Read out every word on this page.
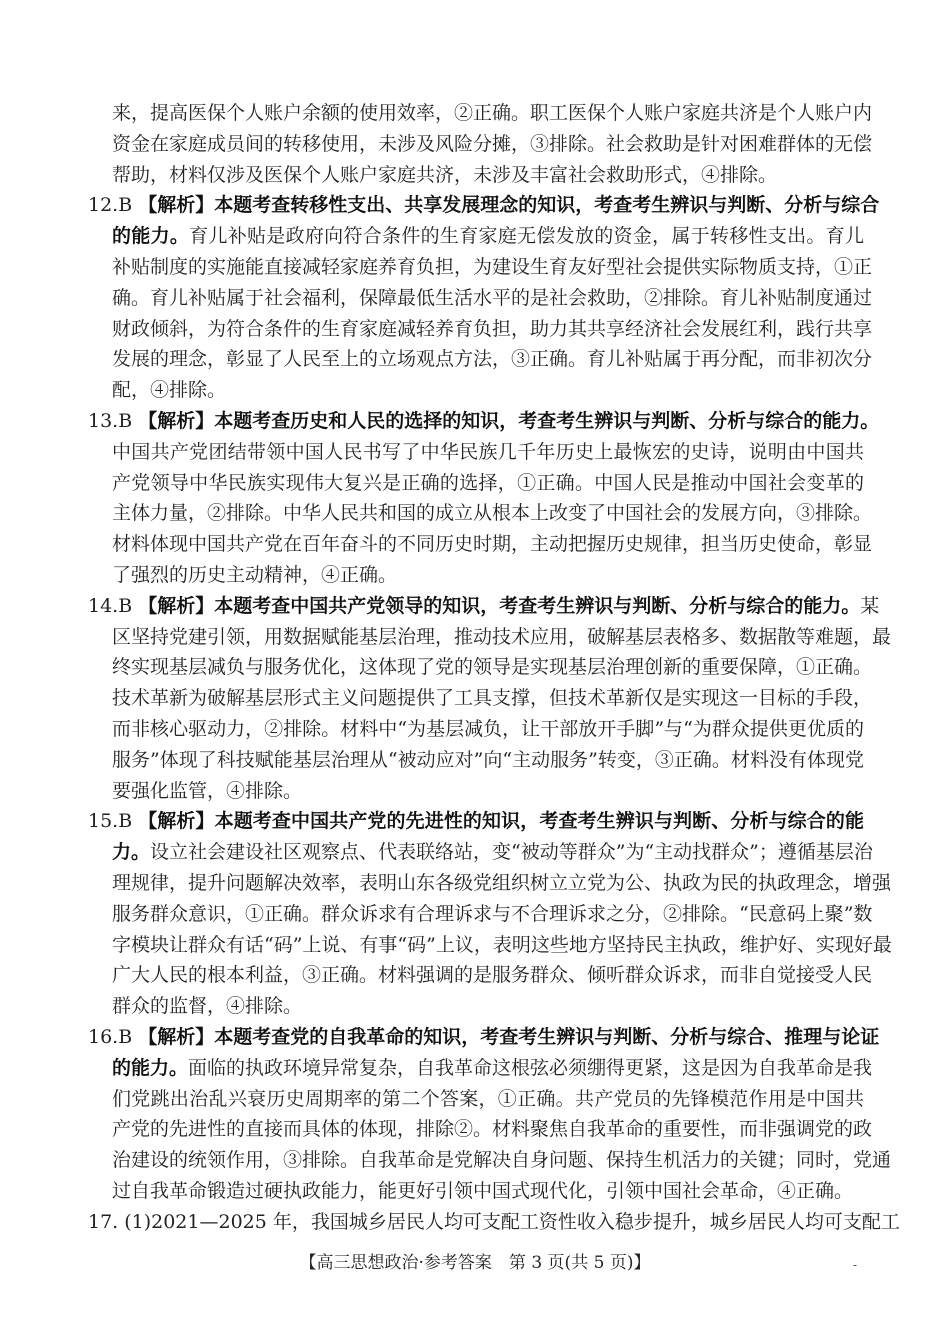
来，提高医保个人账户余额的使用效率，②正确。职工医保个人账户家庭共济是个人账户内
资金在家庭成员间的转移使用，未涉及风险分摊，③排除。社会救助是针对困难群体的无偿
帮助，材料仅涉及医保个人账户家庭共济，未涉及丰富社会救助形式，④排除。
12.B 【解析】本题考查转移性支出、共享发展理念的知识，考查考生辨识与判断、分析与综合
的能力。育儿补贴是政府向符合条件的生育家庭无偿发放的资金，属于转移性支出。育儿
补贴制度的实施能直接减轻家庭养育负担，为建设生育友好型社会提供实际物质支持，①正
确。育儿补贴属于社会福利，保障最低生活水平的是社会救助，②排除。育儿补贴制度通过
财政倾斜，为符合条件的生育家庭减轻养育负担，助力其共享经济社会发展红利，践行共享
发展的理念，彰显了人民至上的立场观点方法，③正确。育儿补贴属于再分配，而非初次分
配，④排除。
13.B 【解析】本题考查历史和人民的选择的知识，考查考生辨识与判断、分析与综合的能力。
中国共产党团结带领中国人民书写了中华民族几千年历史上最恢宏的史诗，说明由中国共
产党领导中华民族实现伟大复兴是正确的选择，①正确。中国人民是推动中国社会变革的
主体力量，②排除。中华人民共和国的成立从根本上改变了中国社会的发展方向，③排除。
材料体现中国共产党在百年奋斗的不同历史时期，主动把握历史规律，担当历史使命，彰显
了强烈的历史主动精神，④正确。
14.B 【解析】本题考查中国共产党领导的知识，考查考生辨识与判断、分析与综合的能力。某
区坚持党建引领，用数据赋能基层治理，推动技术应用，破解基层表格多、数据散等难题，最
终实现基层减负与服务优化，这体现了党的领导是实现基层治理创新的重要保障，①正确。
技术革新为破解基层形式主义问题提供了工具支撑，但技术革新仅是实现这一目标的手段，
而非核心驱动力，②排除。材料中“为基层减负，让干部放开手脚”与“为群众提供更优质的
服务”体现了科技赋能基层治理从“被动应对”向“主动服务”转变，③正确。材料没有体现党
要强化监管，④排除。
15.B 【解析】本题考查中国共产党的先进性的知识，考查考生辨识与判断、分析与综合的能
力。设立社会建设社区观察点、代表联络站，变“被动等群众”为“主动找群众”；遵循基层治
理规律，提升问题解决效率，表明山东各级党组织树立立党为公、执政为民的执政理念，增强
服务群众意识，①正确。群众诉求有合理诉求与不合理诉求之分，②排除。“民意码上聚”数
字模块让群众有话“码”上说、有事“码”上议，表明这些地方坚持民主执政，维护好、实现好最
广大人民的根本利益，③正确。材料强调的是服务群众、倾听群众诉求，而非自觉接受人民
群众的监督，④排除。
16.B 【解析】本题考查党的自我革命的知识，考查考生辨识与判断、分析与综合、推理与论证
的能力。面临的执政环境异常复杂，自我革命这根弦必须绷得更紧，这是因为自我革命是我
们党跳出治乱兴衰历史周期率的第二个答案，①正确。共产党员的先锋模范作用是中国共
产党的先进性的直接而具体的体现，排除②。材料聚焦自我革命的重要性，而非强调党的政
治建设的统领作用，③排除。自我革命是党解决自身问题、保持生机活力的关键；同时，党通
过自我革命锻造过硬执政能力，能更好引领中国式现代化，引领中国社会革命，④正确。
17. (1)2021—2025 年，我国城乡居民人均可支配工资性收入稳步提升，城乡居民人均可支配工
【高三思想政治·参考答案　第 3 页(共 5 页)】	-
